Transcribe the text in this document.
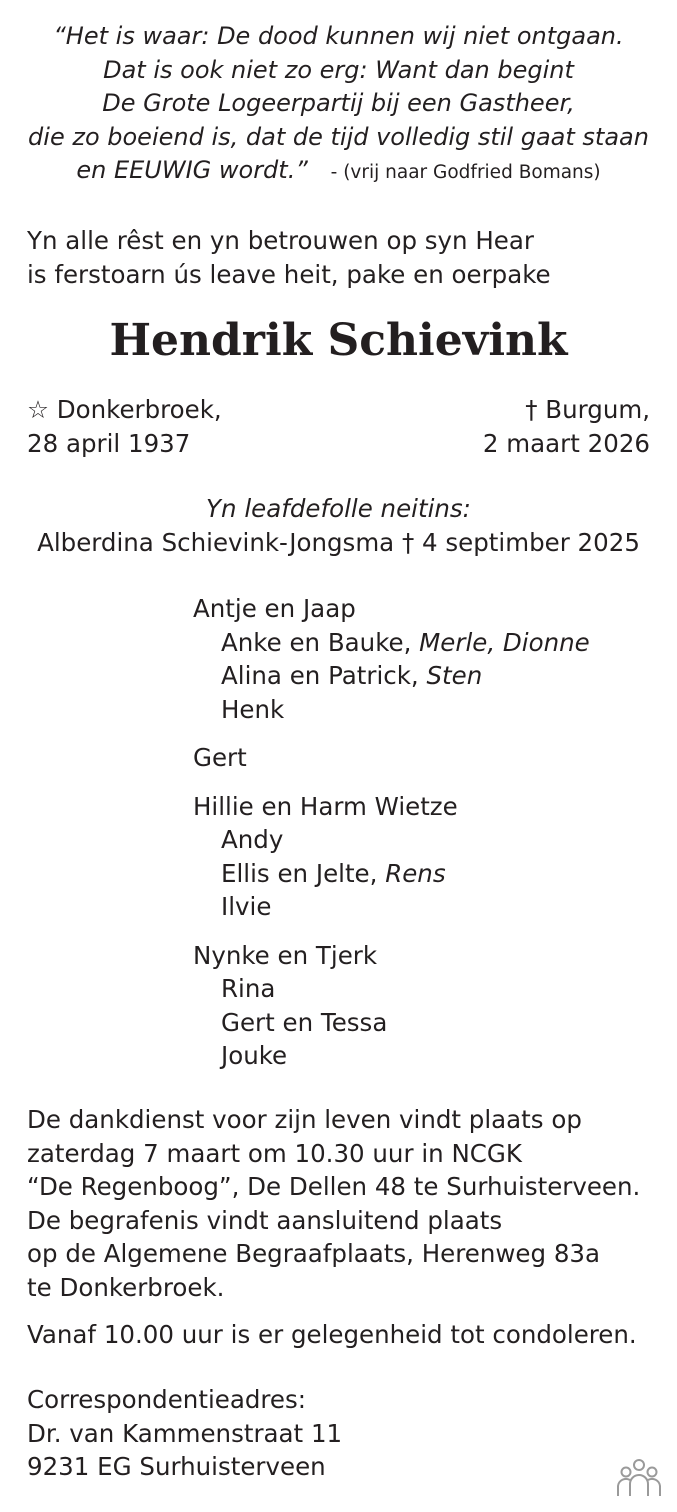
“Het is waar: De dood kunnen wij niet ontgaan.
Dat is ook niet zo erg: Want dan begint
De Grote Logeerpartij bij een Gastheer,
die zo boeiend is, dat de tijd volledig stil gaat staan
en EEUWIG wordt.” - (vrij naar Godfried Bomans)
Yn alle rêst en yn betrouwen op syn Hear
is ferstoarn ús leave heit, pake en oerpake
Hendrik Schievink
☆ Donkerbroek,
28 april 1937
† Burgum,
2 maart 2026
Yn leafdefolle neitins:
Alberdina Schievink-Jongsma † 4 septimber 2025
Antje en Jaap
Anke en Bauke, Merle, Dionne
Alina en Patrick, Sten
Henk
Gert
Hillie en Harm Wietze
Andy
Ellis en Jelte, Rens
Ilvie
Nynke en Tjerk
Rina
Gert en Tessa
Jouke
De dankdienst voor zijn leven vindt plaats op
zaterdag 7 maart om 10.30 uur in NCGK
“De Regenboog”, De Dellen 48 te Surhuisterveen.
De begrafenis vindt aansluitend plaats
op de Algemene Begraafplaats, Herenweg 83a
te Donkerbroek.
Vanaf 10.00 uur is er gelegenheid tot condoleren.
Correspondentieadres:
Dr. van Kammenstraat 11
9231 EG Surhuisterveen
